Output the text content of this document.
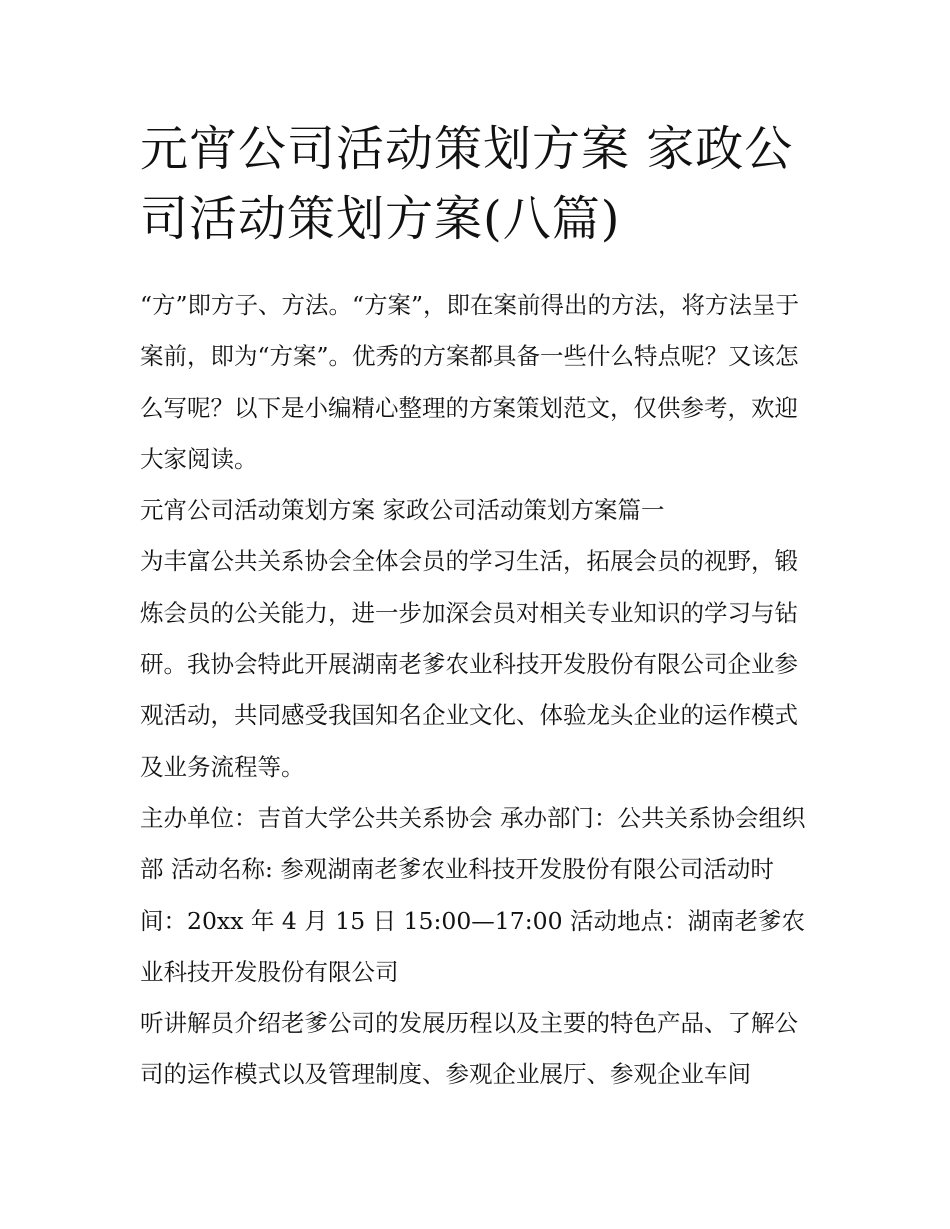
元宵公司活动策划方案 家政公司活动策划方案(八篇)

“方”即方子、方法。“方案”，即在案前得出的方法，将方法呈于案前，即为“方案”。优秀的方案都具备一些什么特点呢？又该怎么写呢？以下是小编精心整理的方案策划范文，仅供参考，欢迎大家阅读。

元宵公司活动策划方案 家政公司活动策划方案篇一

为丰富公共关系协会全体会员的学习生活，拓展会员的视野，锻炼会员的公关能力，进一步加深会员对相关专业知识的学习与钻研。我协会特此开展湖南老爹农业科技开发股份有限公司企业参观活动，共同感受我国知名企业文化、体验龙头企业的运作模式及业务流程等。

主办单位：吉首大学公共关系协会 承办部门：公共关系协会组织部 活动名称: 参观湖南老爹农业科技开发股份有限公司活动时间：20xx 年 4 月 15 日 15:00—17:00 活动地点：湖南老爹农业科技开发股份有限公司

听讲解员介绍老爹公司的发展历程以及主要的特色产品、了解公司的运作模式以及管理制度、参观企业展厅、参观企业车间
